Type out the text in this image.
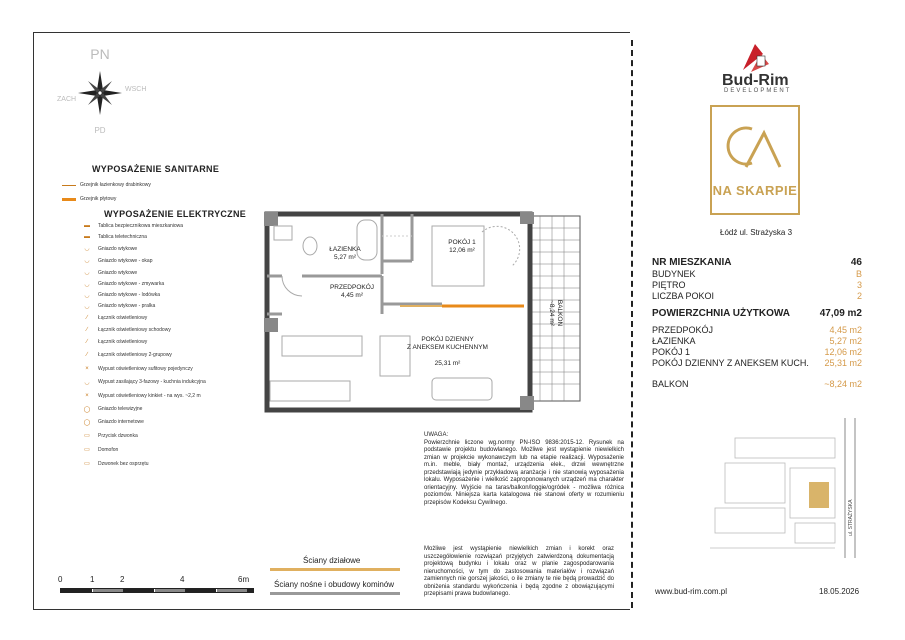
PN
PD
ZACH
WSCH
WYPOSAŻENIE SANITARNE
Grzejnik łazienkowy drabinkowy
Grzejnik płytowy
WYPOSAŻENIE ELEKTRYCZNE
▬	Tablica bezpiecznikowa mieszkaniowa
▬	Tablica teletechniczna
◡	Gniazdo wtykowe
◡	Gniazdo wtykowe - okap
◡	Gniazdo wtykowe
◡	Gniazdo wtykowe - zmywarka
◡	Gniazdo wtykowe - lodówka
◡	Gniazdo wtykowe - pralka
∕	Łącznik oświetleniowy
∕	Łącznik oświetleniowy schodowy
∕	Łącznik oświetleniowy
∕	Łącznik oświetleniowy 2-grupowy
×	Wypust oświetleniowy sufitowy pojedynczy
◡	Wypust zasilający 3-fazowy - kuchnia indukcyjna
×	Wypust oświetleniowy kinkiet - na wys. ~2,2 m
◯	Gniazdo telewizyjne
◯	Gniazdo internetowe
▭	Przycisk dzwonka
▭	Domofon
▭	Dzwonek bez osprzętu
ŁAZIENKA
5,27 m²
PRZEDPOKÓJ
4,45 m²
POKÓJ 1
12,06 m²

POKÓJ DZIENNY
Z ANEKSEM KUCHENNYM

25,31 m²

BALKON
~8,24 m²
UWAGA:
Powierzchnie liczone wg.normy PN-ISO 9836:2015-12. Rysunek na podstawie projektu budowlanego. Możliwe jest wystąpienie niewielkich zmian w projekcie wykonawczym lub na etapie realizacji. Wyposażenie m.in. meble, biały montaż, urządzenia elek., drzwi wewnętrzne przedstawiają jedynie przykładową aranżacje i nie stanowią wyposażenia lokalu. Wyposażenie i wielkość zaproponowanych urządzeń ma charakter orientacyjny. Wyjście na taras/balkon/loggie/ogródek - możliwa różnica poziomów. Niniejsza karta katalogowa nie stanowi oferty w rozumieniu przepisów Kodeksu Cywilnego.
Możliwe jest wystąpienie niewielkich zmian i korekt oraz uszczegółowienie rozwiązań przyjętych zatwierdzoną dokumentacją projektową budynku i lokalu oraz w planie zagospodarowania nieruchomości, w tym do zastosowania materiałów i rozwiązań zamiennych nie gorszej jakości, o ile zmiany te nie będą prowadzić do obniżenia standardu wykończenia i będą zgodne z obowiązującymi przepisami prawa budowlanego.
Ściany działowe
Ściany nośne i obudowy kominów
0	1	2	4	6m
Bud-Rim
DEVELOPMENT
NA SKARPIE
Łódź ul. Strażyska 3
NR MIESZKANIA	46
BUDYNEK	B
PIĘTRO	3
LICZBA POKOI	2
POWIERZCHNIA UŻYTKOWA	47,09 m2
PRZEDPOKÓJ	4,45 m2
ŁAZIENKA	5,27 m2
POKÓJ 1	12,06 m2
POKÓJ DZIENNY Z ANEKSEM KUCH. 25,31 m2
BALKON	~8,24 m2
ul. STRAŻYSKA
www.bud-rim.com.pl	18.05.2026
